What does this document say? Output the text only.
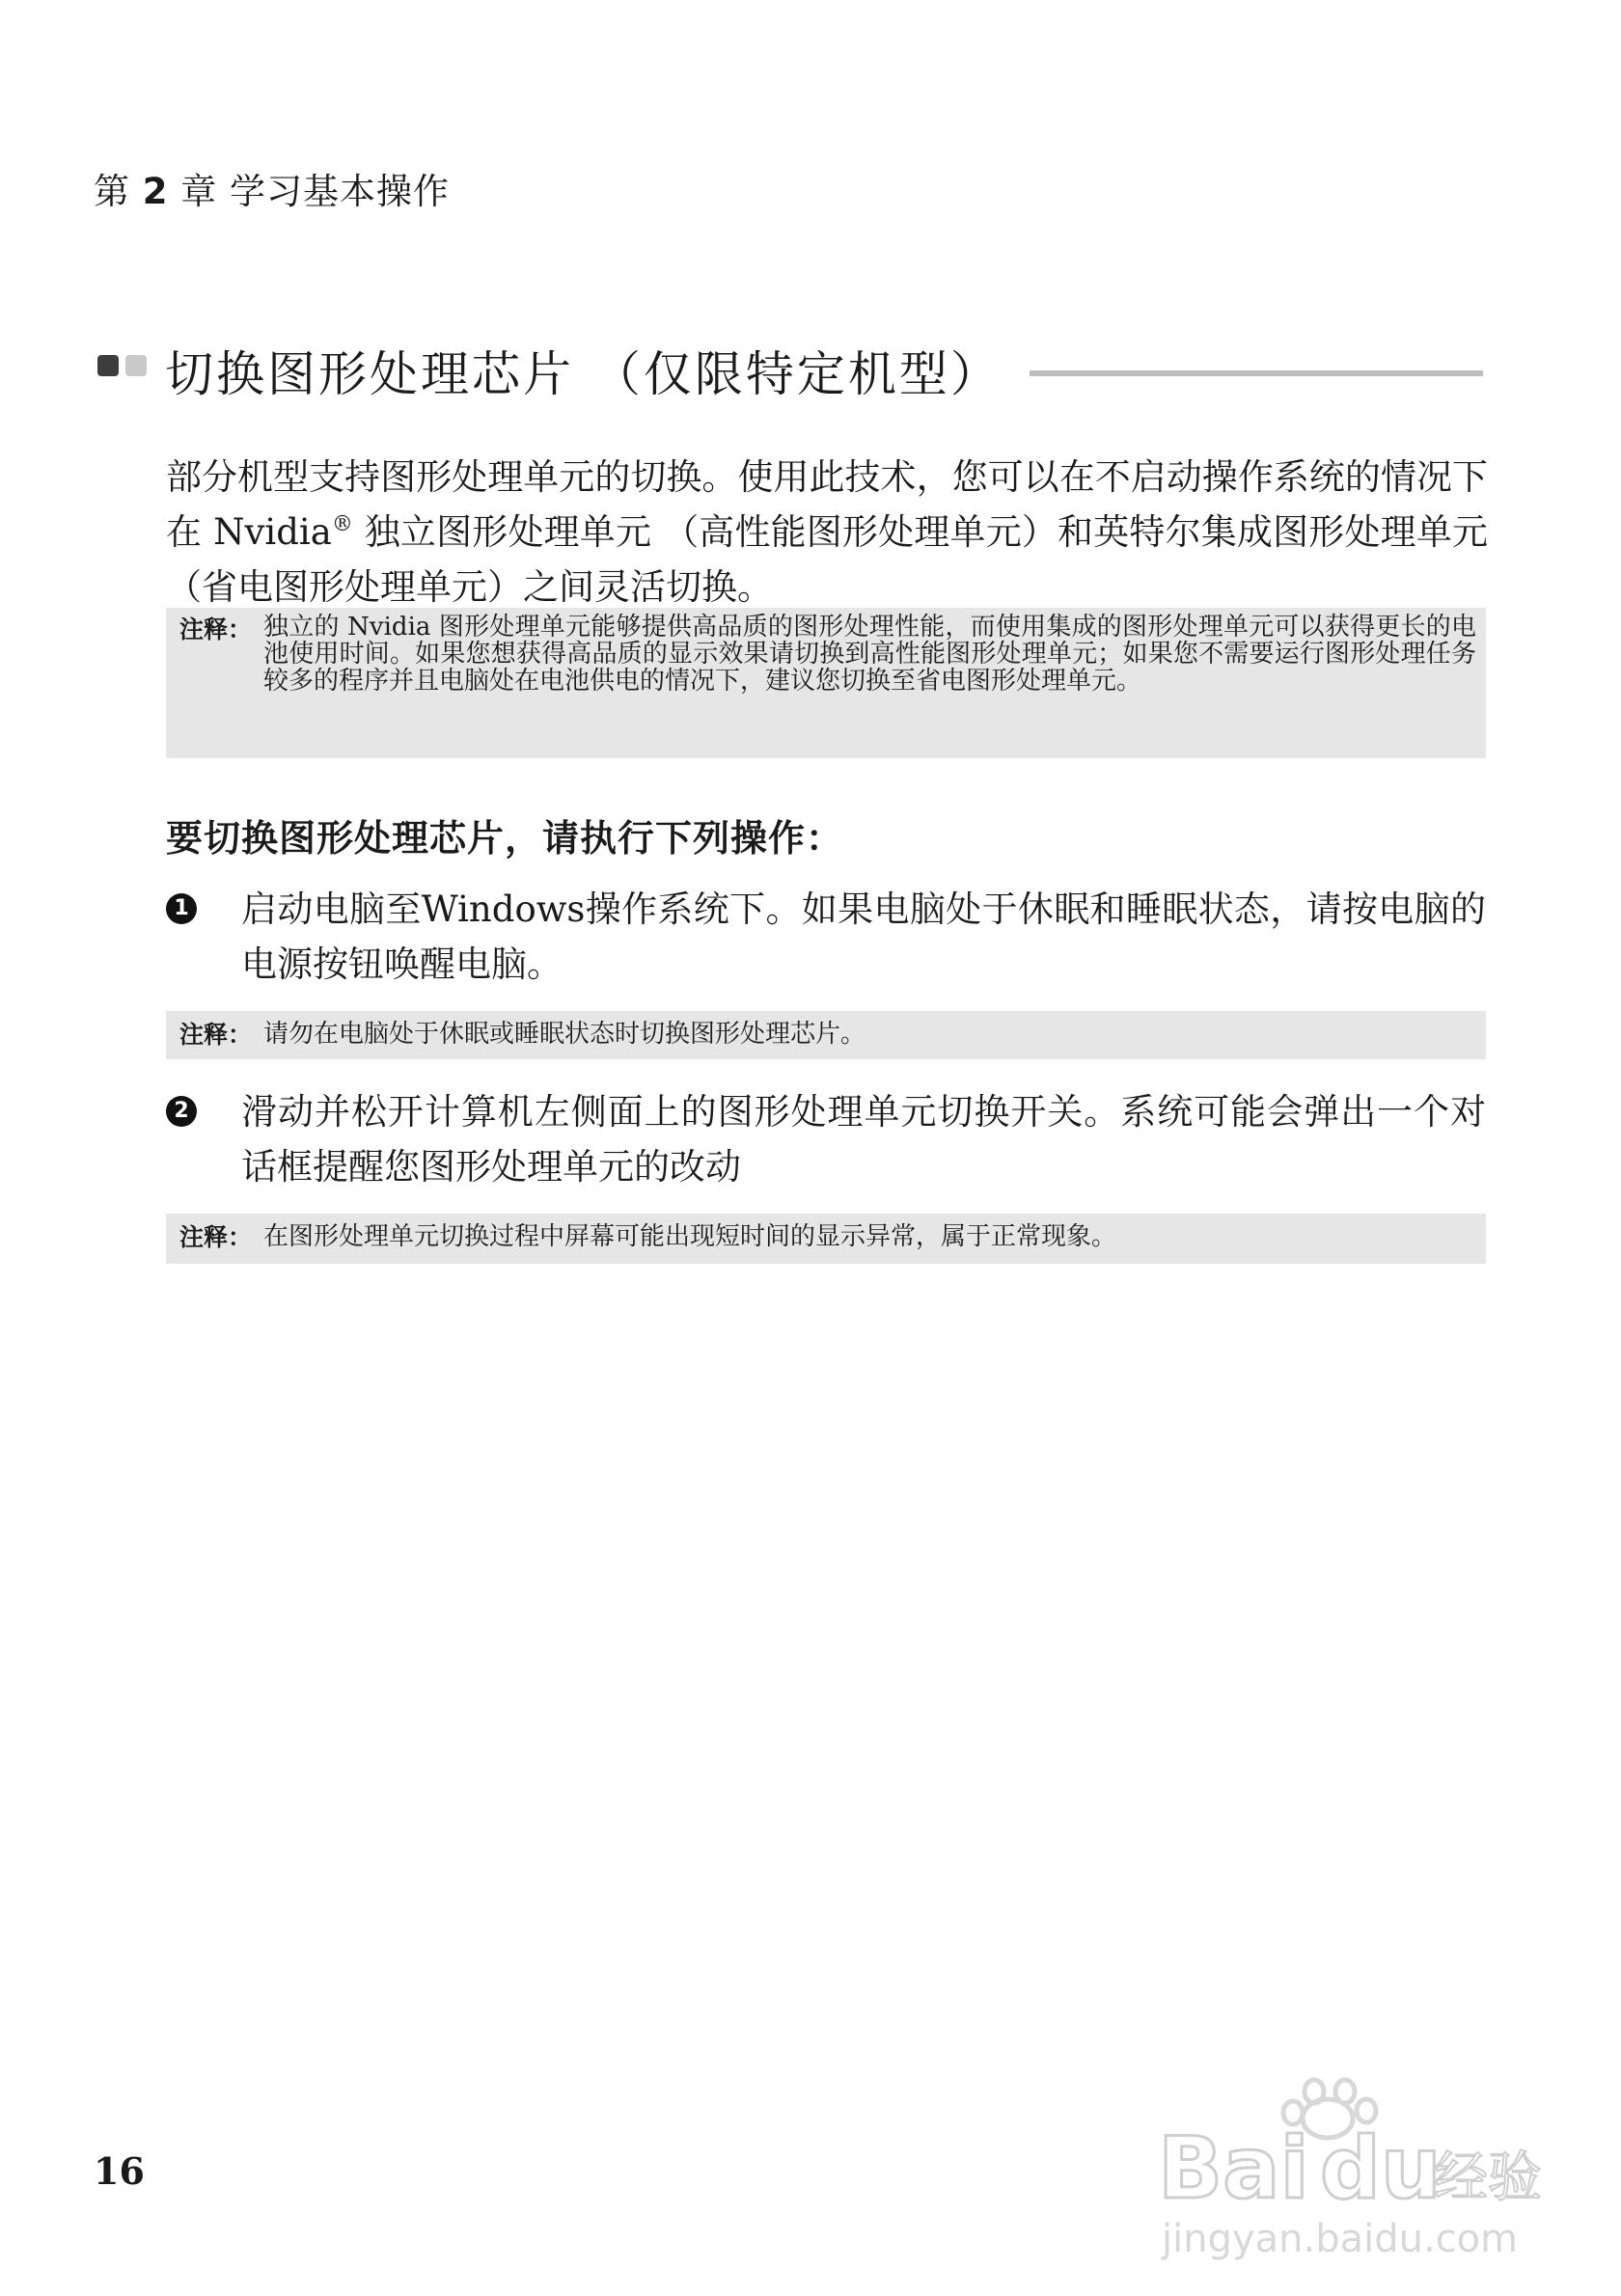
第 2 章 学习基本操作
切换图形处理芯片 （仅限特定机型）
部分机型支持图形处理单元的切换。使用此技术，您可以在不启动操作系统的情况下在 Nvidia® 独立图形处理单元 （高性能图形处理单元）和英特尔集成图形处理单元 （省电图形处理单元）之间灵活切换。
注释： 独立的 Nvidia 图形处理单元能够提供高品质的图形处理性能，而使用集成的图形处理单元可以获得更长的电池使用时间。如果您想获得高品质的显示效果请切换到高性能图形处理单元；如果您不需要运行图形处理任务较多的程序并且电脑处在电池供电的情况下，建议您切换至省电图形处理单元。
要切换图形处理芯片，请执行下列操作：
1 启动电脑至Windows操作系统下。如果电脑处于休眠和睡眠状态，请按电脑的电源按钮唤醒电脑。
注释： 请勿在电脑处于休眠或睡眠状态时切换图形处理芯片。
2 滑动并松开计算机左侧面上的图形处理单元切换开关。系统可能会弹出一个对话框提醒您图形处理单元的改动
注释： 在图形处理单元切换过程中屏幕可能出现短时间的显示异常，属于正常现象。
16	Bai du
经验
jingyan.baidu.com
